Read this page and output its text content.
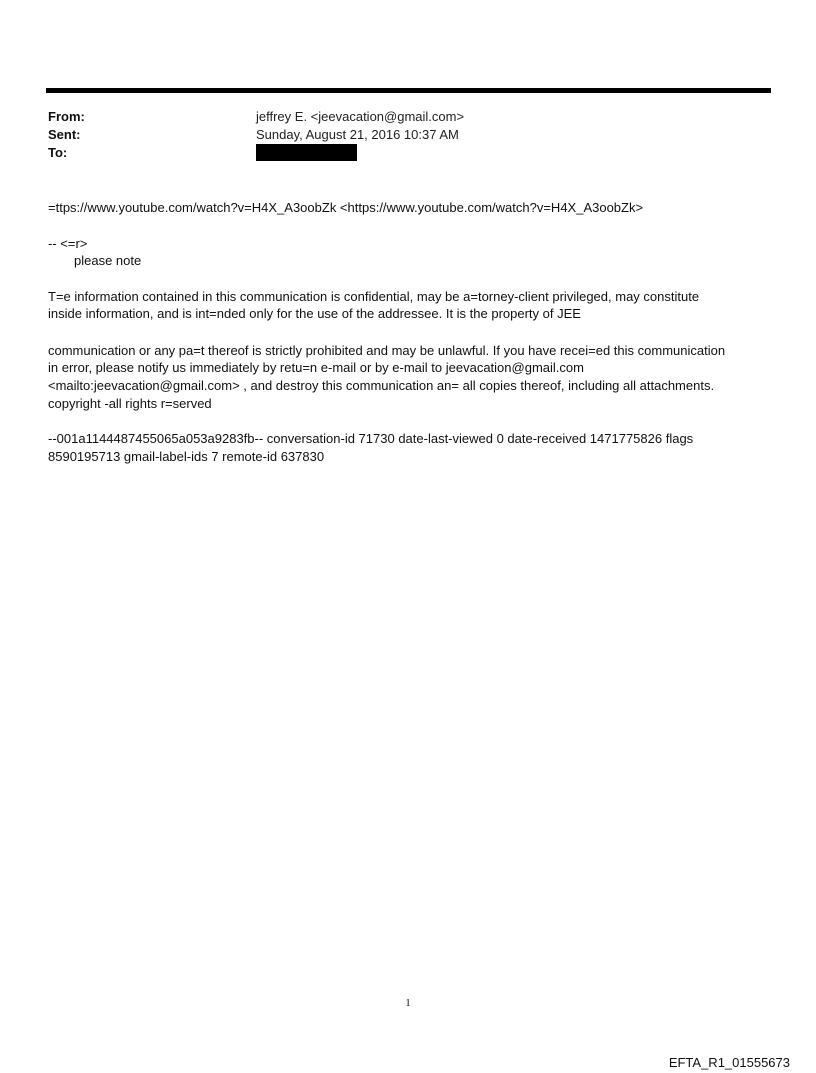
From:	jeffrey E. <jeevacation@gmail.com>
Sent:	Sunday, August 21, 2016 10:37 AM
To:
=ttps://www.youtube.com/watch?v=H4X_A3oobZk <https://www.youtube.com/watch?v=H4X_A3oobZk>
-- <=r>
please note
T=e information contained in this communication is confidential, may be a=torney-client privileged, may constitute
inside information, and is int=nded only for the use of the addressee. It is the property of JEE
communication or any pa=t thereof is strictly prohibited and may be unlawful. If you have recei=ed this communication
in error, please notify us immediately by retu=n e-mail or by e-mail to jeevacation@gmail.com
<mailto:jeevacation@gmail.com> , and destroy this communication an= all copies thereof, including all attachments.
copyright -all rights r=served
--001a1144487455065a053a9283fb-- conversation-id 71730 date-last-viewed 0 date-received 1471775826 flags
8590195713 gmail-label-ids 7 remote-id 637830
1
EFTA_R1_01555673
